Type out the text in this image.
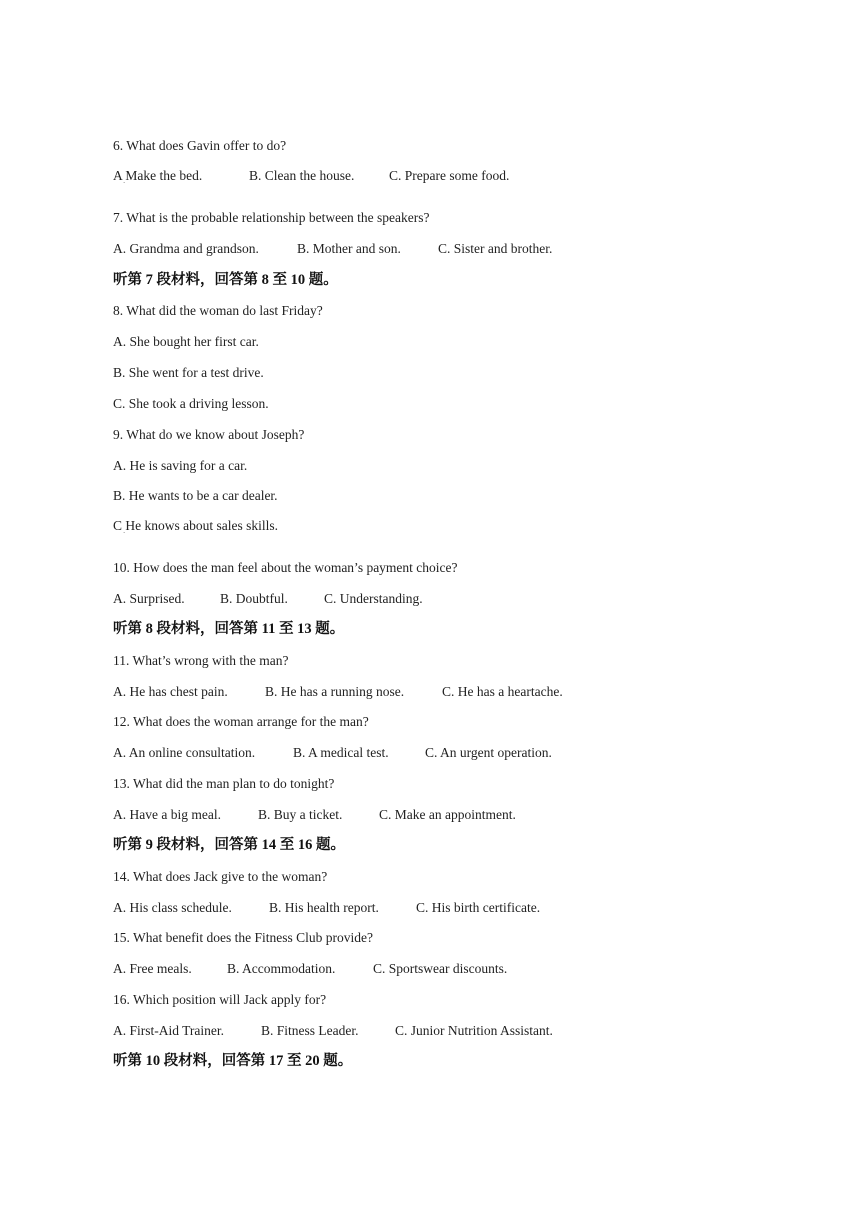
6. What does Gavin offer to do?
A Make the bed.	B. Clean the house.	C. Prepare some food.
`
7. What is the probable relationship between the speakers?
A. Grandma and grandson.	B. Mother and son.	C. Sister and brother.
听第 7 段材料，回答第 8 至 10 题。
8. What did the woman do last Friday?
A. She bought her first car.
B. She went for a test drive.
C. She took a driving lesson.
9. What do we know about Joseph?
A. He is saving for a car.
B. He wants to be a car dealer.
C He knows about sales skills.
`
10. How does the man feel about the woman’s payment choice?
A. Surprised.	B. Doubtful.	C. Understanding.
听第 8 段材料，回答第 11 至 13 题。
11. What’s wrong with the man?
A. He has chest pain.	B. He has a running nose.	C. He has a heartache.
12. What does the woman arrange for the man?
A. An online consultation.	B. A medical test.	C. An urgent operation.
13. What did the man plan to do tonight?
A. Have a big meal.	B. Buy a ticket.	C. Make an appointment.
听第 9 段材料，回答第 14 至 16 题。
14. What does Jack give to the woman?
A. His class schedule.	B. His health report.	C. His birth certificate.
15. What benefit does the Fitness Club provide?
A. Free meals.	B. Accommodation.	C. Sportswear discounts.
16. Which position will Jack apply for?
A. First-Aid Trainer.	B. Fitness Leader.	C. Junior Nutrition Assistant.
听第 10 段材料，回答第 17 至 20 题。
